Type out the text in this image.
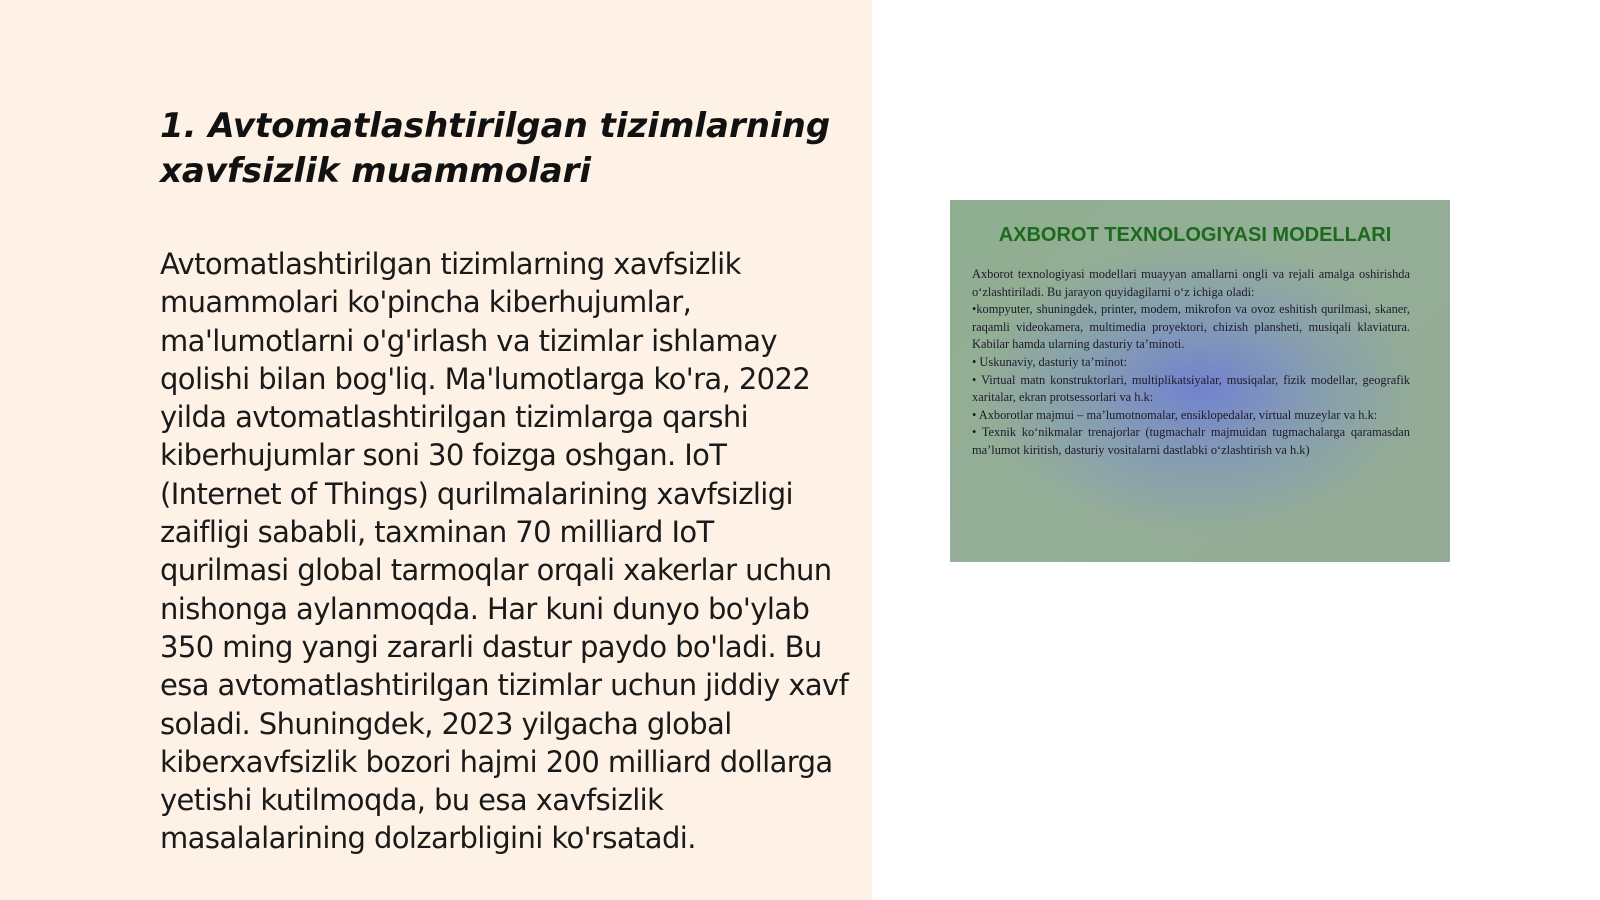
1. Avtomatlashtirilgan tizimlarning xavfsizlik muammolari

Avtomatlashtirilgan tizimlarning xavfsizlik muammolari ko'pincha kiberhujumlar, ma'lumotlarni o'g'irlash va tizimlar ishlamay qolishi bilan bog'liq. Ma'lumotlarga ko'ra, 2022 yilda avtomatlashtirilgan tizimlarga qarshi kiberhujumlar soni 30 foizga oshgan. IoT (Internet of Things) qurilmalarining xavfsizligi zaifligi sababli, taxminan 70 milliard IoT qurilmasi global tarmoqlar orqali xakerlar uchun nishonga aylanmoqda. Har kuni dunyo bo'ylab 350 ming yangi zararli dastur paydo bo'ladi. Bu esa avtomatlashtirilgan tizimlar uchun jiddiy xavf soladi. Shuningdek, 2023 yilgacha global kiberxavfsizlik bozori hajmi 200 milliard dollarga yetishi kutilmoqda, bu esa xavfsizlik masalalarining dolzarbligini ko'rsatadi.

AXBOROT TEXNOLOGIYASI MODELLARI

Axborot texnologiyasi modellari muayyan amallarni ongli va rejali amalga oshirishda o‘zlashtiriladi. Bu jarayon quyidagilarni o‘z ichiga oladi:

•kompyuter, shuningdek, printer, modem, mikrofon va ovoz eshitish qurilmasi, skaner, raqamli videokamera, multimedia proyektori, chizish planshetі, musiqali klaviatura. Kabilar hamda ularning dasturiy ta’minoti.

• Uskunaviy, dasturiy ta’minot:

• Virtual matn konstruktorlari, multiplikatsiyalar, musiqalar, fizik modellar, geografik xaritalar, ekran protsessorlari va h.k:

• Axborotlar majmui – ma’lumotnomalar, ensiklopedalar, virtual muzeylar va h.k:

• Texnik ko‘nikmalar trenajorlar (tugmachalr majmuidan tugmachalarga qaramasdan ma’lumot kiritish, dasturiy vositalarni dastlabki o‘zlashtirish va h.k)
